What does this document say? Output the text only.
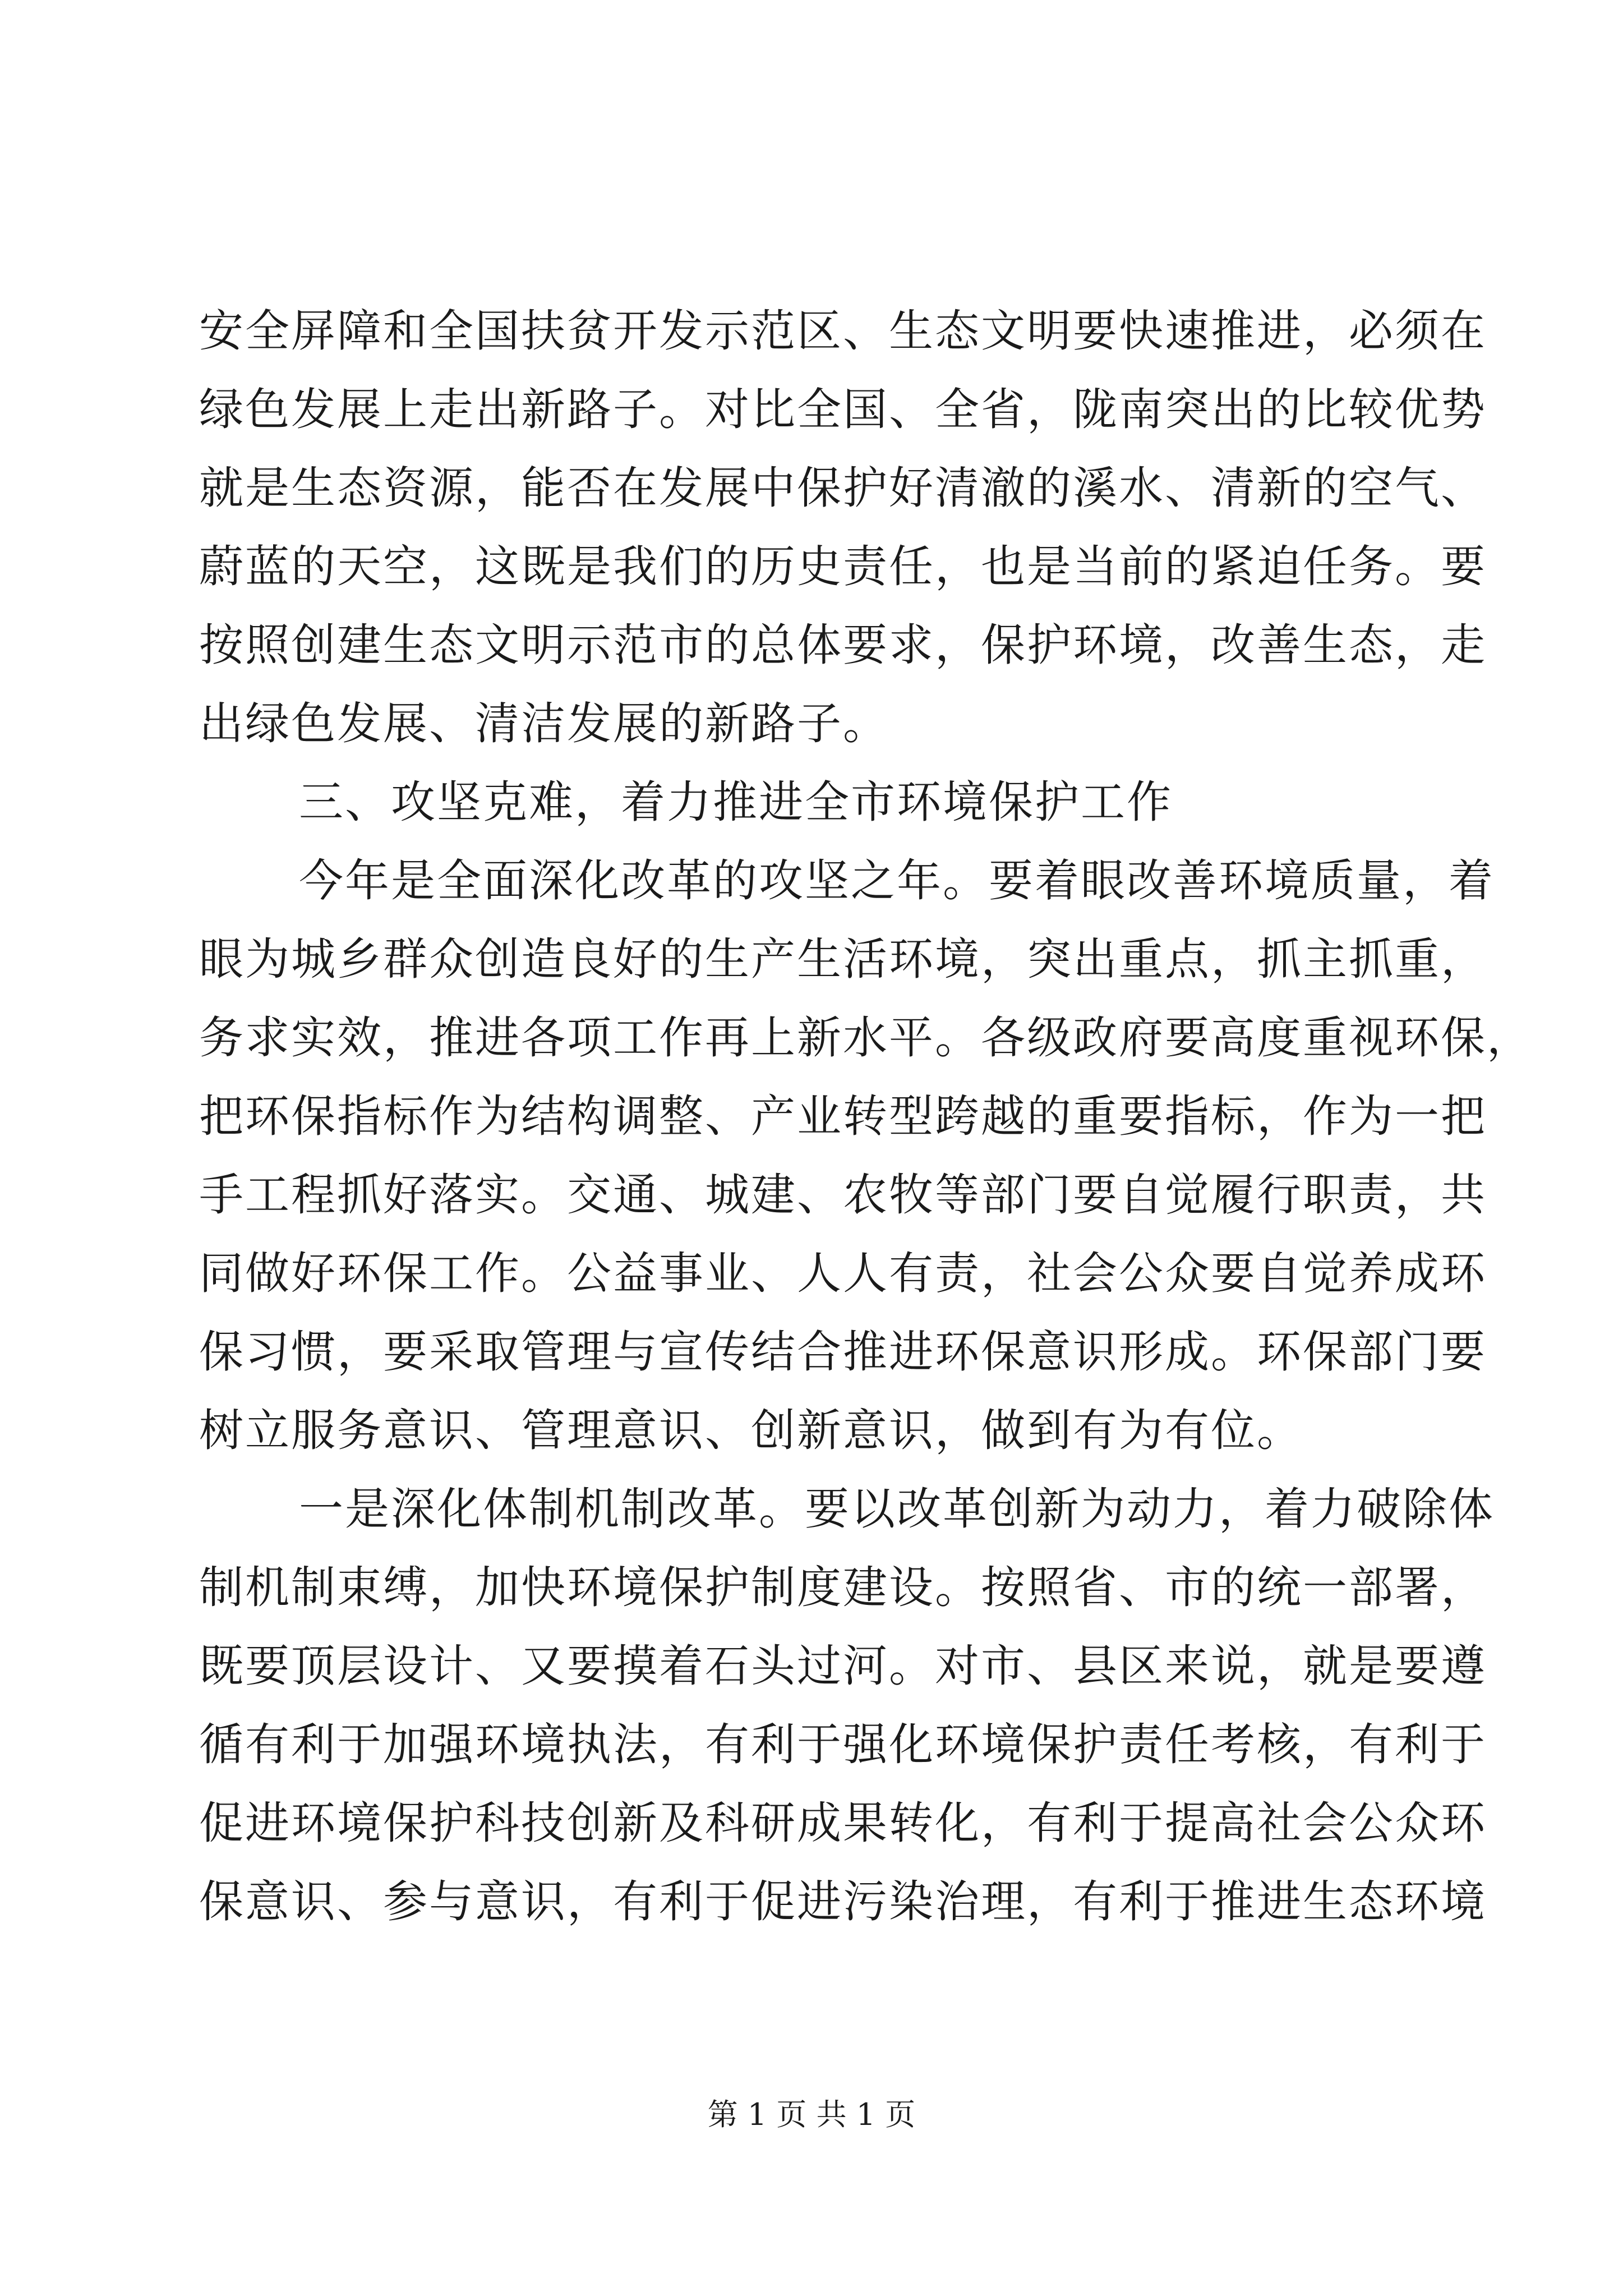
安全屏障和全国扶贫开发示范区、生态文明要快速推进，必须在
绿色发展上走出新路子。对比全国、全省，陇南突出的比较优势
就是生态资源，能否在发展中保护好清澈的溪水、清新的空气、
蔚蓝的天空，这既是我们的历史责任，也是当前的紧迫任务。要
按照创建生态文明示范市的总体要求，保护环境，改善生态，走
出绿色发展、清洁发展的新路子。
三、攻坚克难，着力推进全市环境保护工作
今年是全面深化改革的攻坚之年。要着眼改善环境质量，着
眼为城乡群众创造良好的生产生活环境，突出重点，抓主抓重，
务求实效，推进各项工作再上新水平。各级政府要高度重视环保，
把环保指标作为结构调整、产业转型跨越的重要指标，作为一把
手工程抓好落实。交通、城建、农牧等部门要自觉履行职责，共
同做好环保工作。公益事业、人人有责，社会公众要自觉养成环
保习惯，要采取管理与宣传结合推进环保意识形成。环保部门要
树立服务意识、管理意识、创新意识，做到有为有位。
一是深化体制机制改革。要以改革创新为动力，着力破除体
制机制束缚，加快环境保护制度建设。按照省、市的统一部署，
既要顶层设计、又要摸着石头过河。对市、县区来说，就是要遵
循有利于加强环境执法，有利于强化环境保护责任考核，有利于
促进环境保护科技创新及科研成果转化，有利于提高社会公众环
保意识、参与意识，有利于促进污染治理，有利于推进生态环境
第 1 页 共 1 页
